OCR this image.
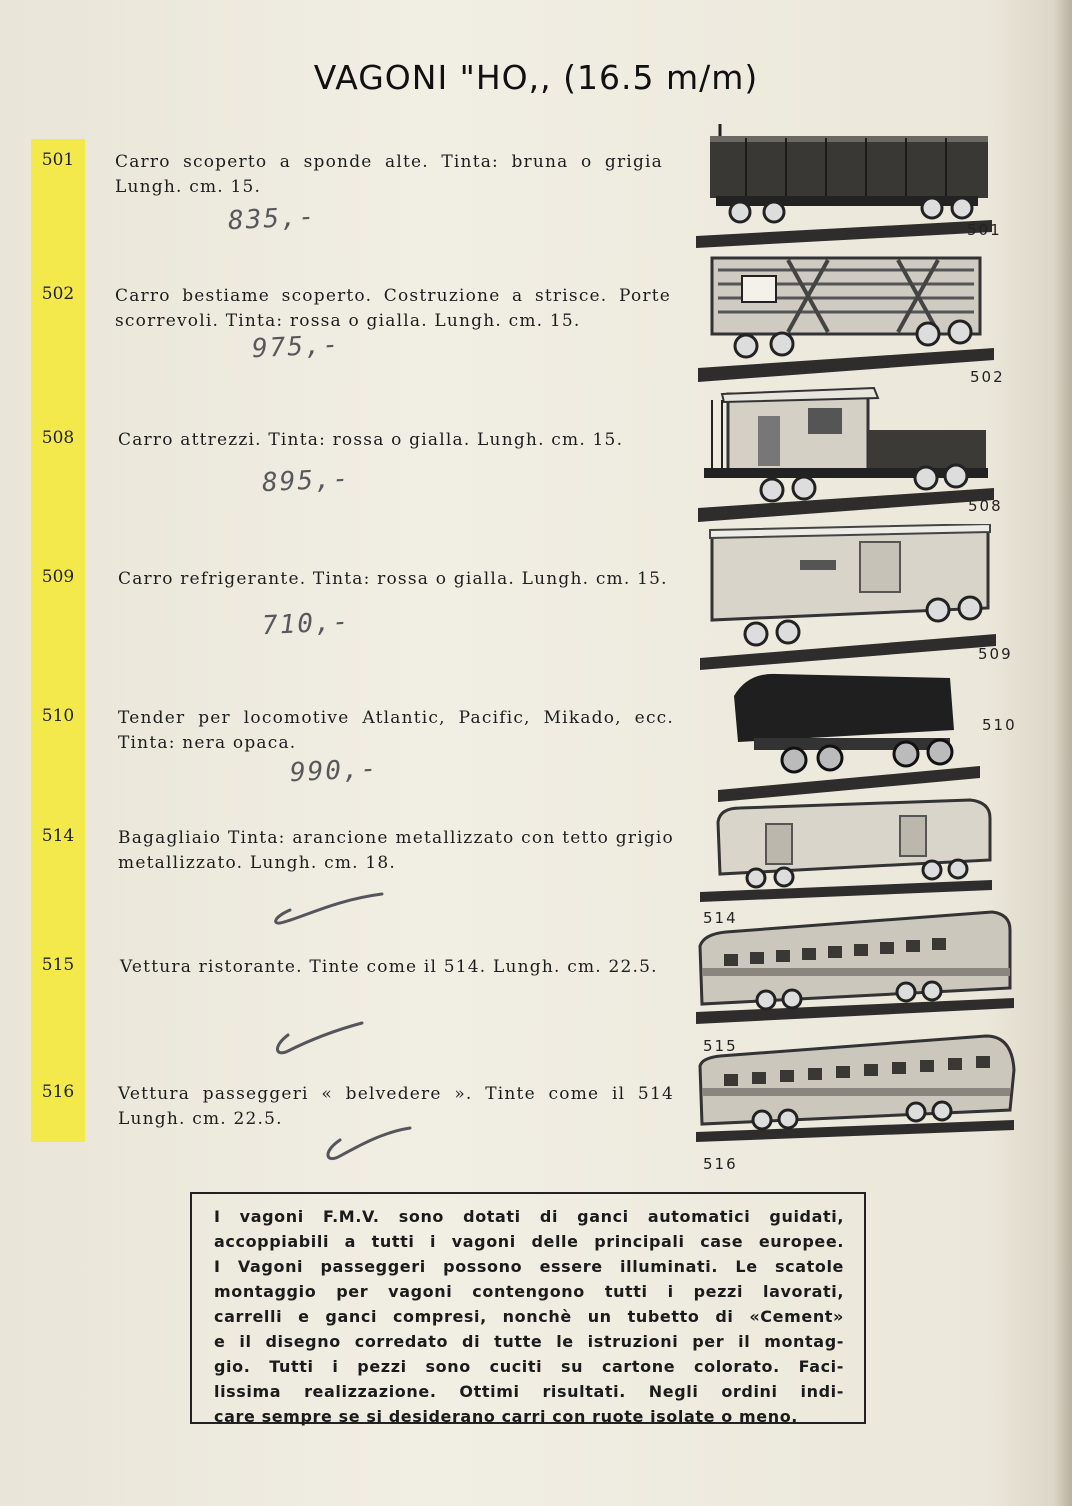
VAGONI "HO,, (16.5 m/m)
501	Carro scoperto a sponde alte. Tinta: bruna o grigia Lungh. cm. 15.
835,-
502	Carro bestiame scoperto. Costruzione a strisce. Porte scorrevoli. Tinta: rossa o gialla. Lungh. cm. 15.
975,-
508	Carro attrezzi. Tinta: rossa o gialla. Lungh. cm. 15.
895,-
509	Carro refrigerante. Tinta: rossa o gialla. Lungh. cm. 15.
710,-
510	Tender per locomotive Atlantic, Pacific, Mikado, ecc. Tinta: nera opaca.
990,-
514	Bagagliaio Tinta: arancione metallizzato con tetto grigio metallizzato. Lungh. cm. 18.
515	Vettura ristorante. Tinte come il 514. Lungh. cm. 22.5.
516	Vettura passeggeri « belvedere ». Tinte come il 514 Lungh. cm. 22.5.
501
502
508
509
510
514
515
516

I vagoni F.M.V. sono dotati di ganci automatici guidati,

accoppiabili a tutti i vagoni delle principali case europee.

I Vagoni passeggeri possono essere illuminati. Le scatole

montaggio per vagoni contengono tutti i pezzi lavorati,

carrelli e ganci compresi, nonchè un tubetto di «Cement»

e il disegno corredato di tutte le istruzioni per il montag-

gio. Tutti i pezzi sono cuciti su cartone colorato. Faci-

lissima realizzazione. Ottimi risultati. Negli ordini indi-

care sempre se si desiderano carri con ruote isolate o meno.
